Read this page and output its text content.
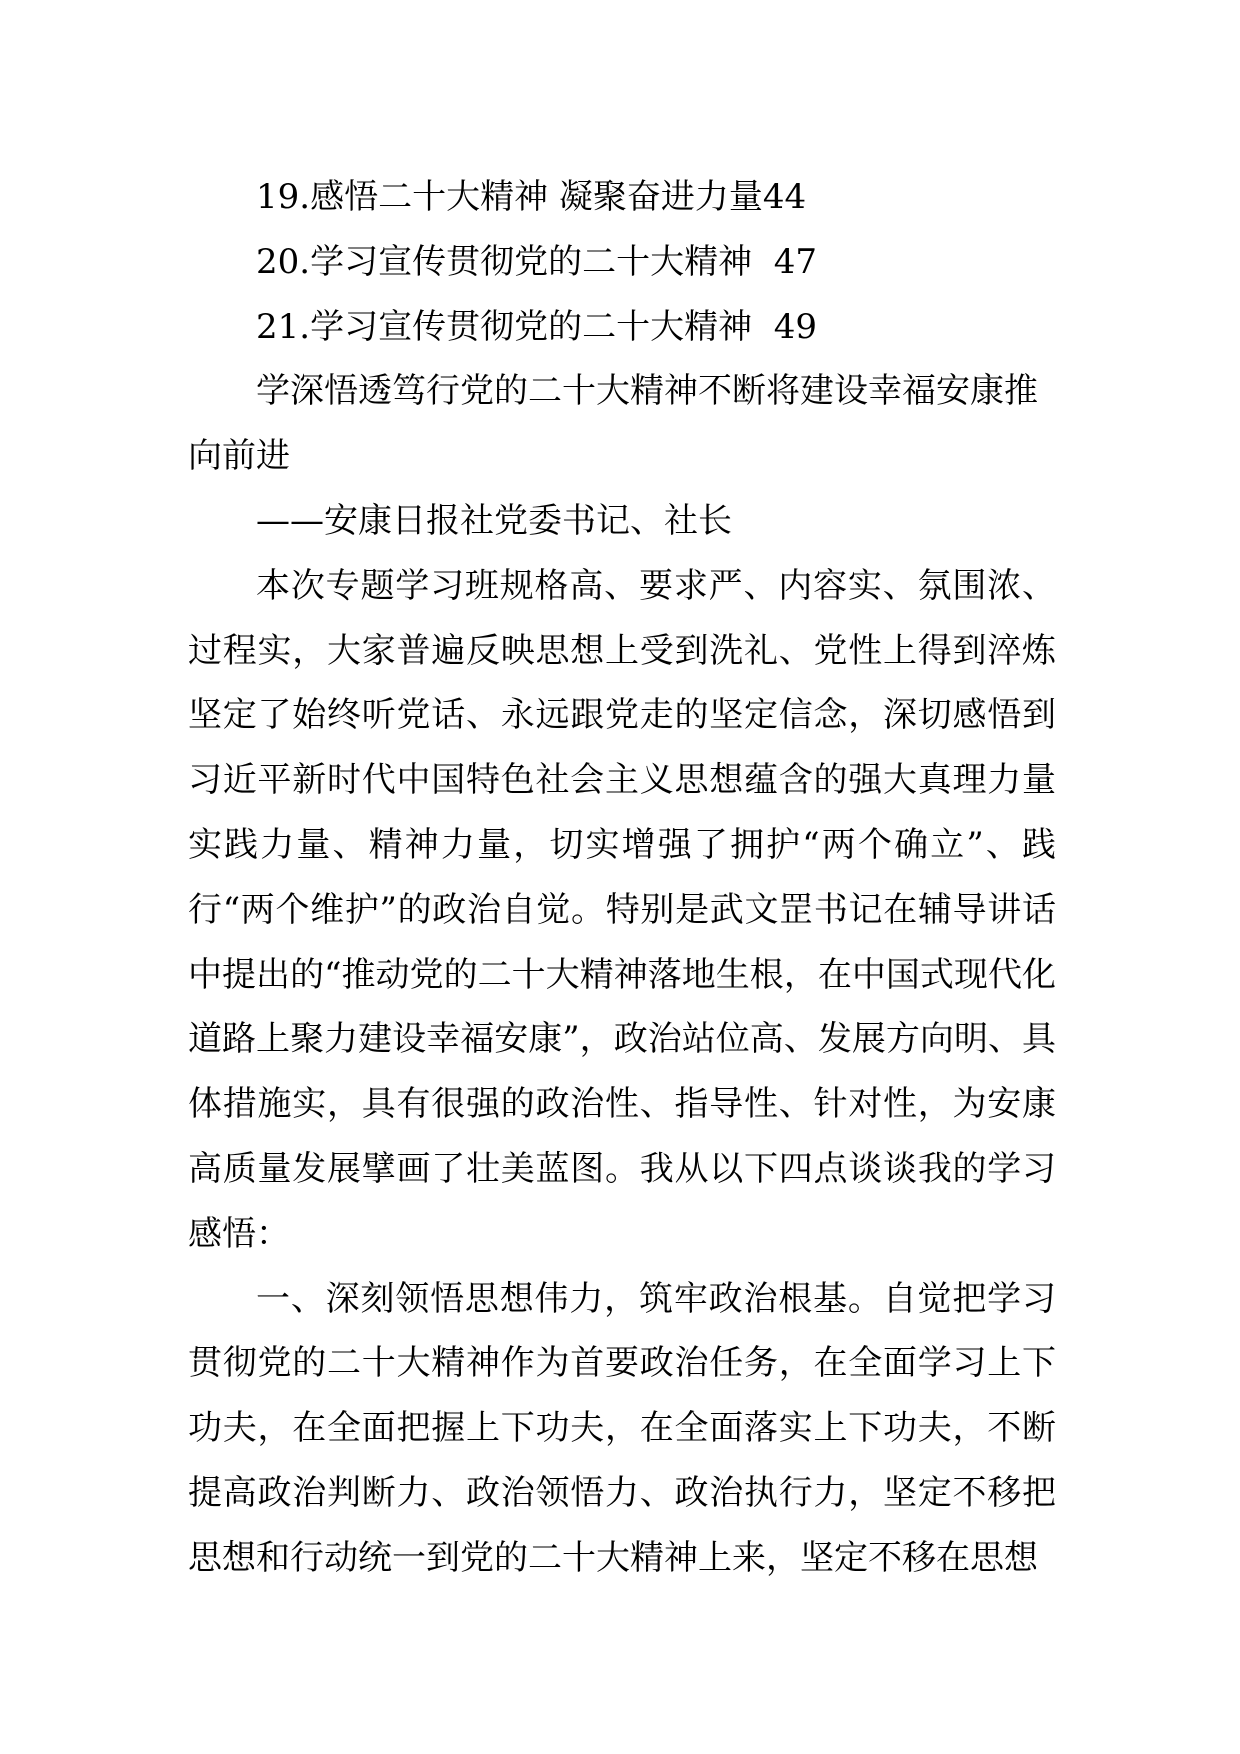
19.感悟二十大精神 凝聚奋进力量44

20.学习宣传贯彻党的二十大精神 47

21.学习宣传贯彻党的二十大精神 49

学深悟透笃行党的二十大精神不断将建设幸福安康推向前进

——安康日报社党委书记、社长

本次专题学习班规格高、要求严、内容实、氛围浓、过程实，大家普遍反映思想上受到洗礼、党性上得到淬炼坚定了始终听党话、永远跟党走的坚定信念，深切感悟到习近平新时代中国特色社会主义思想蕴含的强大真理力量实践力量、精神力量，切实增强了拥护“两个确立”、践行“两个维护”的政治自觉。特别是武文罡书记在辅导讲话中提出的“推动党的二十大精神落地生根，在中国式现代化道路上聚力建设幸福安康”，政治站位高、发展方向明、具体措施实，具有很强的政治性、指导性、针对性，为安康高质量发展擘画了壮美蓝图。我从以下四点谈谈我的学习感悟：

一、深刻领悟思想伟力，筑牢政治根基。自觉把学习贯彻党的二十大精神作为首要政治任务，在全面学习上下功夫，在全面把握上下功夫，在全面落实上下功夫，不断提高政治判断力、政治领悟力、政治执行力，坚定不移把思想和行动统一到党的二十大精神上来，坚定不移在思想
